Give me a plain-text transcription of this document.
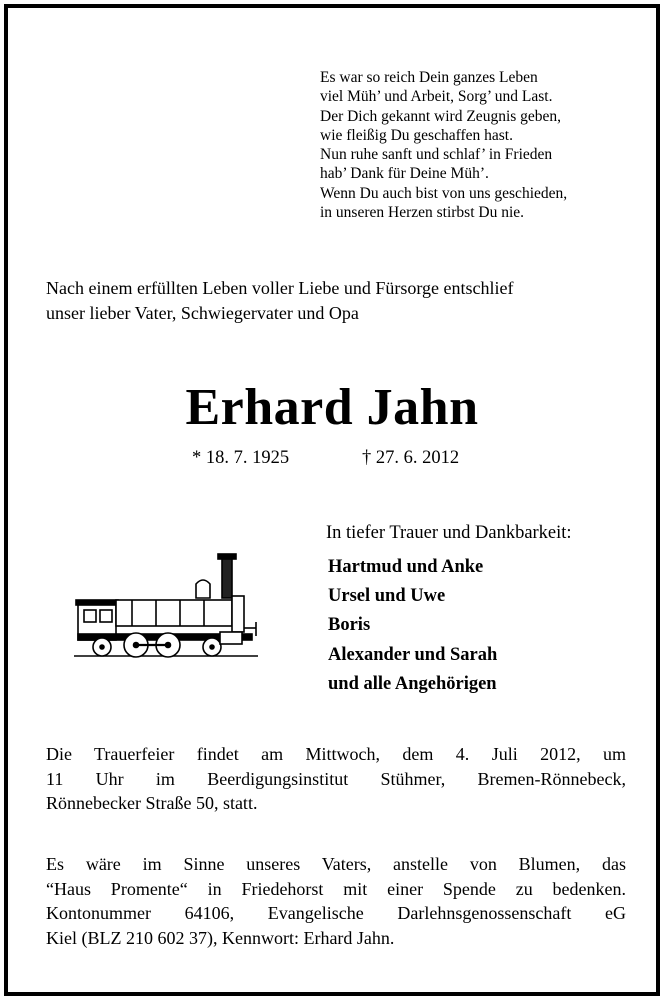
Es war so reich Dein ganzes Leben
viel Müh’ und Arbeit, Sorg’ und Last.
Der Dich gekannt wird Zeugnis geben,
wie fleißig Du geschaffen hast.
Nun ruhe sanft und schlaf’ in Frieden
hab’ Dank für Deine Müh’.
Wenn Du auch bist von uns geschieden,
in unseren Herzen stirbst Du nie.
Nach einem erfüllten Leben voller Liebe und Fürsorge entschlief
unser lieber Vater, Schwiegervater und Opa
Erhard Jahn
* 18. 7. 1925	† 27. 6. 2012
In tiefer Trauer und Dankbarkeit:
Hartmud und Anke
Ursel und Uwe
Boris
Alexander und Sarah
und alle Angehörigen
Die Trauerfeier findet am Mittwoch, dem 4. Juli 2012, um
11 Uhr im Beerdigungsinstitut Stühmer, Bremen-Rönnebeck,
Rönnebecker Straße 50, statt.
Es wäre im Sinne unseres Vaters, anstelle von Blumen, das
“Haus Promente“ in Friedehorst mit einer Spende zu bedenken.
Kontonummer 64106, Evangelische Darlehnsgenossenschaft eG
Kiel (BLZ 210 602 37), Kennwort: Erhard Jahn.
